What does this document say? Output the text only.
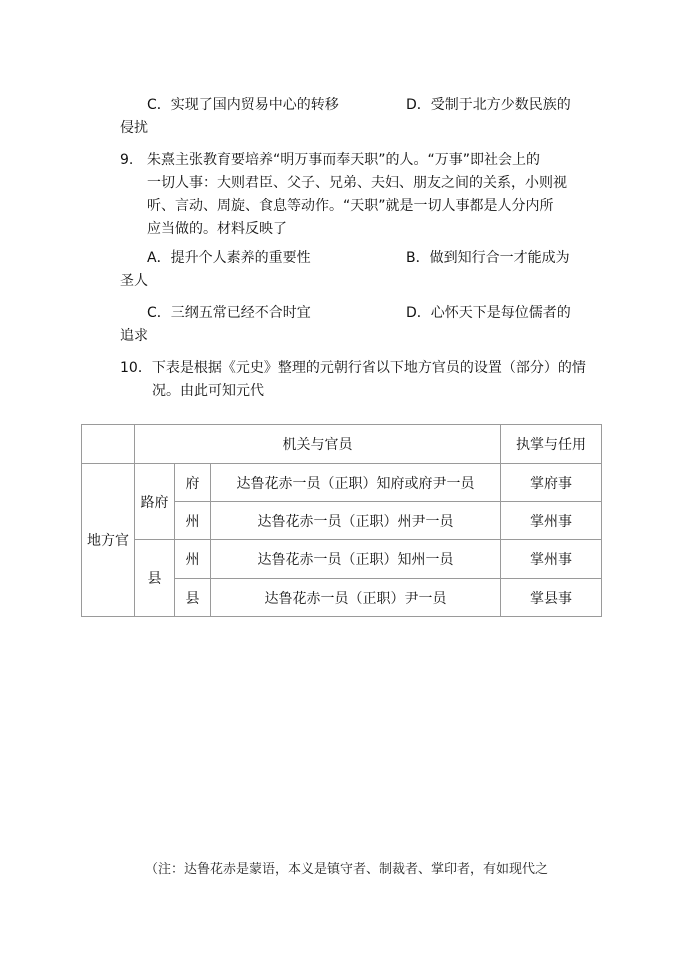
C．实现了国内贸易中心的转移	D．受制于北方少数民族的
侵扰
9. 朱熹主张教育要培养“明万事而奉天职”的人。“万事”即社会上的
一切人事：大则君臣、父子、兄弟、夫妇、朋友之间的关系，小则视
听、言动、周旋、食息等动作。“天职”就是一切人事都是人分内所
应当做的。材料反映了
A．提升个人素养的重要性	B．做到知行合一才能成为
圣人
C．三纲五常已经不合时宜	D．心怀天下是每位儒者的
追求
10．下表是根据《元史》整理的元朝行省以下地方官员的设置（部分）的情
况。由此可知元代
	机关与官员			执掌与任用
地方官	路府	府	达鲁花赤一员（正职）知府或府尹一员	掌府事
		州	达鲁花赤一员（正职）州尹一员	掌州事
	县	州	达鲁花赤一员（正职）知州一员	掌州事
		县	达鲁花赤一员（正职）尹一员	掌县事
（注：达鲁花赤是蒙语，本义是镇守者、制裁者、掌印者，有如现代之
